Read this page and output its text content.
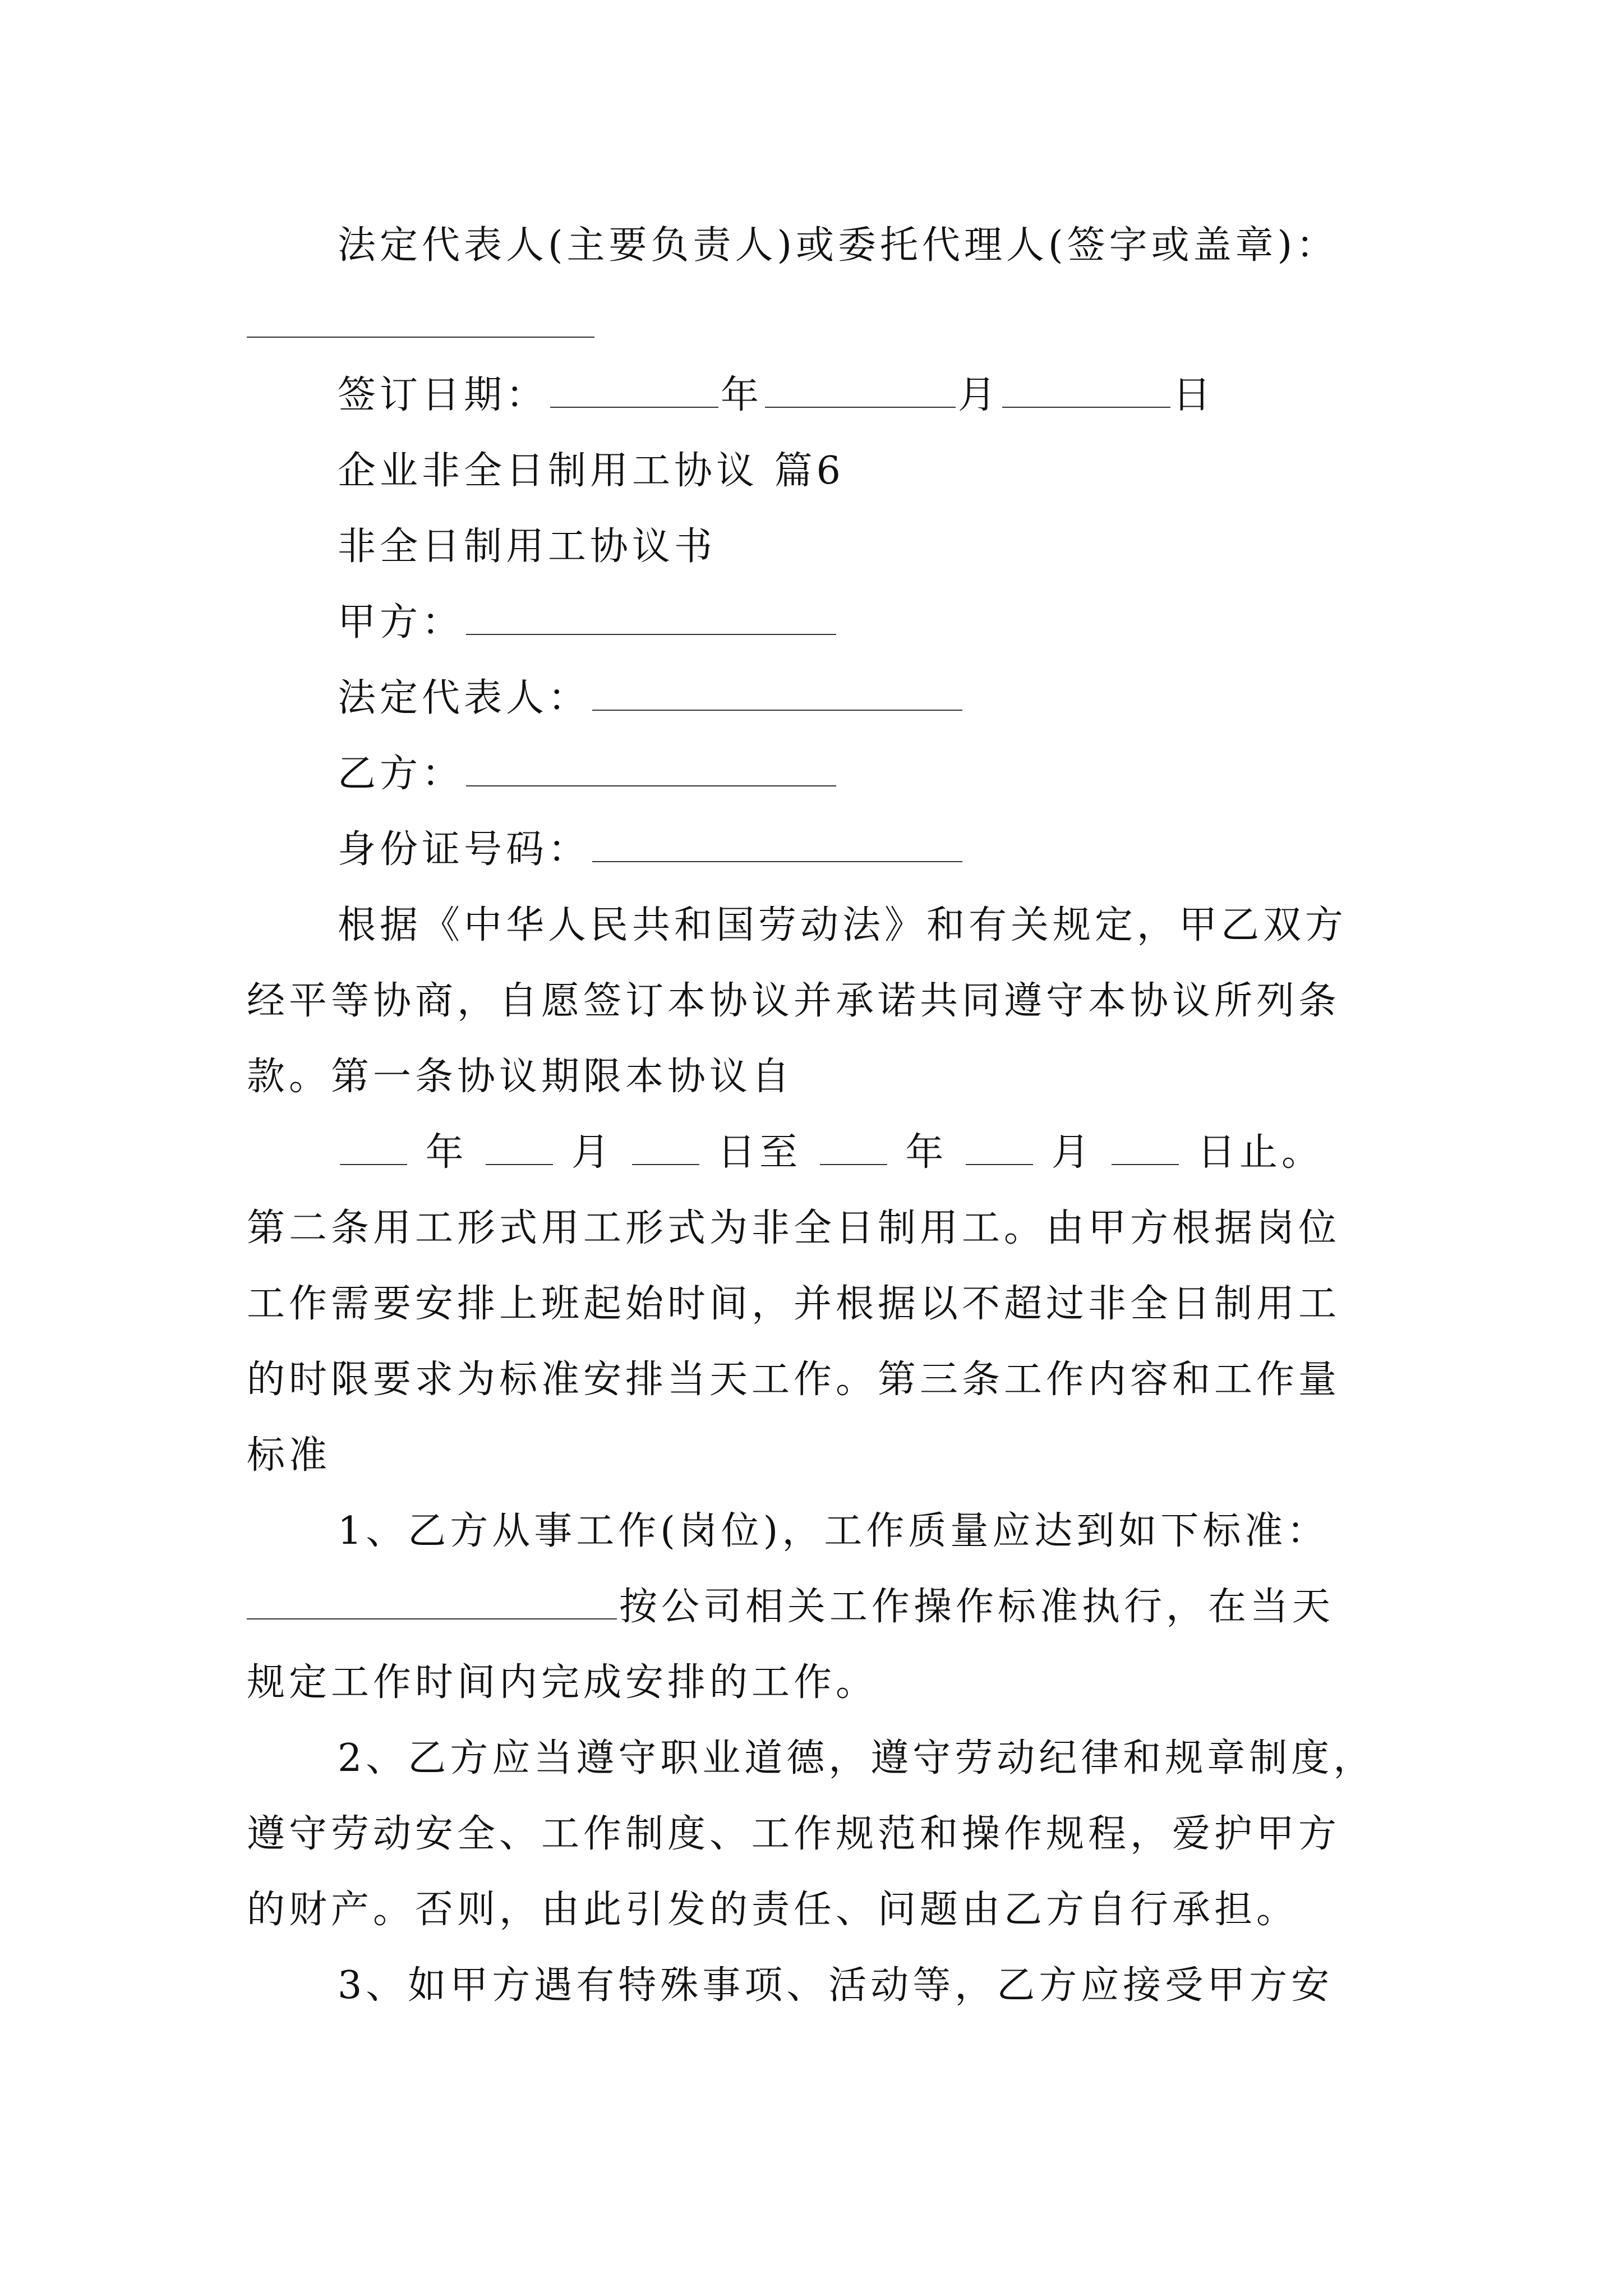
法定代表人(主要负责人)或委托代理人(签字或盖章)：
签订日期：	年	月	日
企业非全日制用工协议 篇6
非全日制用工协议书
甲方：
法定代表人：
乙方：
身份证号码：
根据《中华人民共和国劳动法》和有关规定，甲乙双方
经平等协商，自愿签订本协议并承诺共同遵守本协议所列条
款。第一条协议期限本协议自
年	月	日至	年	月	日止。
第二条用工形式用工形式为非全日制用工。由甲方根据岗位
工作需要安排上班起始时间，并根据以不超过非全日制用工
的时限要求为标准安排当天工作。第三条工作内容和工作量
标准
1、乙方从事工作(岗位)，工作质量应达到如下标准：
按公司相关工作操作标准执行，在当天
规定工作时间内完成安排的工作。
2、乙方应当遵守职业道德，遵守劳动纪律和规章制度，
遵守劳动安全、工作制度、工作规范和操作规程，爱护甲方
的财产。否则，由此引发的责任、问题由乙方自行承担。
3、如甲方遇有特殊事项、活动等，乙方应接受甲方安
